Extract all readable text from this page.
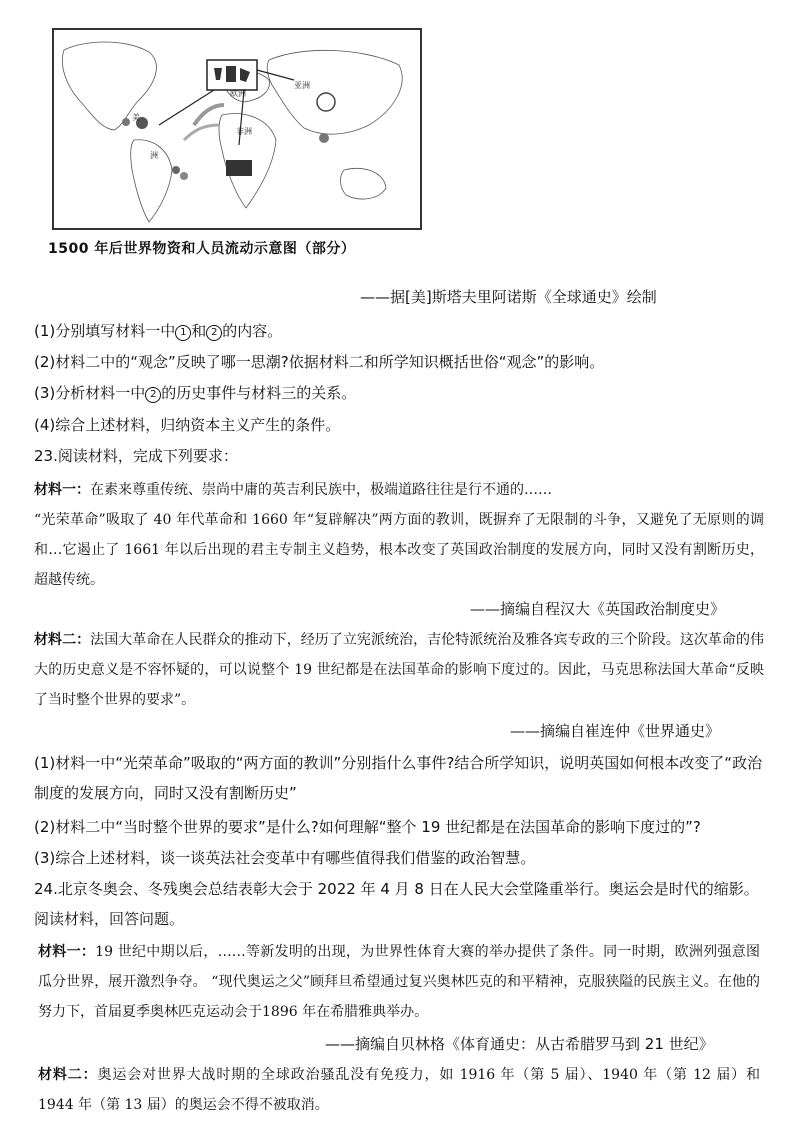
美
洲
欧洲
非洲
亚洲
1500 年后世界物资和人员流动示意图（部分）
——据[美]斯塔夫里阿诺斯《全球通史》绘制
(1)分别填写材料一中 1 和 2 的内容。
(2)材料二中的“观念”反映了哪一思潮?依据材料二和所学知识概括世俗“观念”的影响。
(3)分析材料一中 2 的历史事件与材料三的关系。
(4)综合上述材料，归纳资本主义产生的条件。
23.阅读材料，完成下列要求：
材料一：在素来尊重传统、崇尚中庸的英吉利民族中，极端道路往往是行不通的……
“光荣革命”吸取了 40 年代革命和 1660 年“复辟解决”两方面的教训，既摒弃了无限制的斗争，又避免了无原则的调和…它遏止了 1661 年以后出现的君主专制主义趋势，根本改变了英国政治制度的发展方向，同时又没有割断历史，超越传统。
——摘编自程汉大《英国政治制度史》
材料二：法国大革命在人民群众的推动下，经历了立宪派统治，吉伦特派统治及雅各宾专政的三个阶段。这次革命的伟大的历史意义是不容怀疑的，可以说整个 19 世纪都是在法国革命的影响下度过的。因此，马克思称法国大革命“反映了当时整个世界的要求”。
——摘编自崔连仲《世界通史》
(1)材料一中“光荣革命”吸取的“两方面的教训”分别指什么事件?结合所学知识，说明英国如何根本改变了“政治制度的发展方向，同时又没有割断历史”
(2)材料二中“当时整个世界的要求”是什么?如何理解“整个 19 世纪都是在法国革命的影响下度过的”?
(3)综合上述材料，谈一谈英法社会变革中有哪些值得我们借鉴的政治智慧。
24.北京冬奥会、冬残奥会总结表彰大会于 2022 年 4 月 8 日在人民大会堂隆重举行。奥运会是时代的缩影。阅读材料，回答问题。
材料一：19 世纪中期以后，……等新发明的出现，为世界性体育大赛的举办提供了条件。同一时期，欧洲列强意图瓜分世界，展开激烈争夺。 “现代奥运之父”顾拜旦希望通过复兴奥林匹克的和平精神，克服狭隘的民族主义。在他的努力下，首届夏季奥林匹克运动会于1896 年在希腊雅典举办。
——摘编自贝林格《体育通史：从古希腊罗马到 21 世纪》
材料二：奥运会对世界大战时期的全球政治骚乱没有免疫力，如 1916 年（第 5 届）、1940 年（第 12 届）和 1944 年（第 13 届）的奥运会不得不被取消。
